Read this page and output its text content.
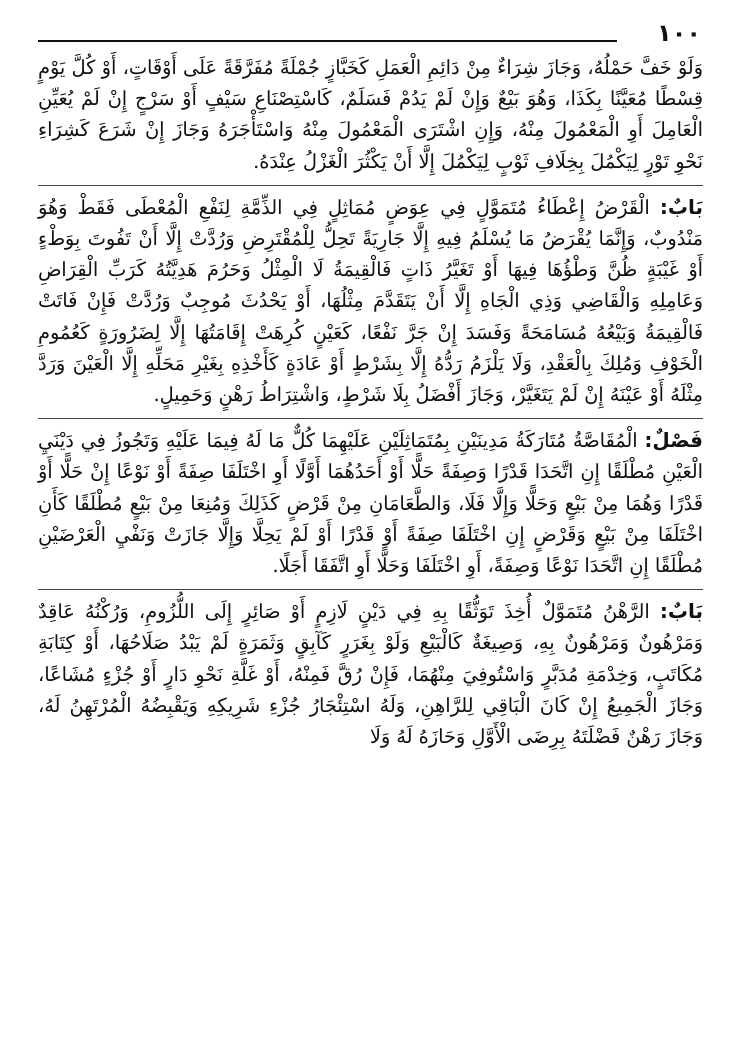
١٠٠

وَلَوْ خَفَّ حَمْلُهُ، وَجَازَ شِرَاءٌ مِنْ دَائِمِ الْعَمَلِ كَخَبَّازٍ جُمْلَةً مُفَرَّقَةً عَلَى أَوْقَاتٍ، أَوْ كُلَّ يَوْمٍ قِسْطًا مُعَيَّنًا بِكَذَا، وَهُوَ بَيْعٌ وَإِنْ لَمْ يَدُمْ فَسَلَمٌ، كَاسْتِصْنَاعِ سَيْفٍ أَوْ سَرْجٍ إِنْ لَمْ يُعَيِّنِ الْعَامِلَ أَوِ الْمَعْمُولَ مِنْهُ، وَإِنِ اشْتَرَى الْمَعْمُولَ مِنْهُ وَاسْتَأْجَرَهُ وَجَازَ إِنْ شَرَعَ كَشِرَاءِ نَحْوِ تَوْرٍ لِيَكْمُلَ بِخِلَافِ ثَوْبٍ لِيَكْمُلَ إِلَّا أَنْ يَكْثُرَ الْغَزْلُ عِنْدَهُ.

بَابٌ: الْقَرْضُ إِعْطَاءُ مُتَمَوَّلٍ فِي عِوَضٍ مُمَاثِلٍ فِي الذِّمَّةِ لِنَفْعِ الْمُعْطَى فَقَطْ وَهُوَ مَنْدُوبٌ، وَإِنَّمَا يُقْرَضُ مَا يُسْلَمُ فِيهِ إِلَّا جَارِيَةً تَحِلُّ لِلْمُقْتَرِضِ وَرُدَّتْ إِلَّا أَنْ تَفُوتَ بِوَطْءٍ أَوْ غَيْبَةٍ ظُنَّ وَطْؤُهَا فِيهَا أَوْ تَغَيَّرُ ذَاتٍ فَالْقِيمَةُ لَا الْمِثْلُ وَحَرُمَ هَدِيَّتُهُ كَرَبِّ الْقِرَاضِ وَعَامِلِهِ وَالْقَاضِي وَذِي الْجَاهِ إِلَّا أَنْ يَتَقَدَّمَ مِثْلُهَا، أَوْ يَحْدُثَ مُوجِبٌ وَرُدَّتْ فَإِنْ فَاتَتْ فَالْقِيمَةُ وَبَيْعُهُ مُسَامَحَةً وَفَسَدَ إِنْ جَرَّ نَفْعًا، كَعَيْنٍ كُرِهَتْ إِقَامَتُهَا إِلَّا لِضَرُورَةٍ كَعُمُومِ الْخَوْفِ وَمُلِكَ بِالْعَقْدِ، وَلَا يَلْزَمُ رَدُّهُ إِلَّا بِشَرْطٍ أَوْ عَادَةٍ كَأَخْذِهِ بِغَيْرِ مَحَلِّهِ إِلَّا الْعَيْنَ وَرَدَّ مِثْلَهُ أَوْ عَيْنَهُ إِنْ لَمْ يَتَغَيَّرْ، وَجَازَ أَفْضَلُ بِلَا شَرْطٍ، وَاشْتِرَاطُ رَهْنٍ وَحَمِيلٍ.

فَصْلٌ: الْمُقَاصَّةُ مُتَارَكَةُ مَدِينَيْنِ بِمُتَمَاثِلَيْنِ عَلَيْهِمَا كُلٌّ مَا لَهُ فِيمَا عَلَيْهِ وَتَجُوزُ فِي دَيْنَيِ الْعَيْنِ مُطْلَقًا إِنِ اتَّحَدَا قَدْرًا وَصِفَةً حَلًّا أَوْ أَحَدُهُمَا أَوَّلًا أَوِ اخْتَلَفَا صِفَةً أَوْ نَوْعًا إِنْ حَلًّا أَوْ قَدْرًا وَهُمَا مِنْ بَيْعٍ وَحَلًّا وَإِلَّا فَلَا، وَالطَّعَامَانِ مِنْ قَرْضٍ كَذَلِكَ وَمُنِعَا مِنْ بَيْعٍ مُطْلَقًا كَأَنِ اخْتَلَفَا مِنْ بَيْعٍ وَقَرْضٍ إِنِ اخْتَلَفَا صِفَةً أَوْ قَدْرًا أَوْ لَمْ يَحِلَّا وَإِلَّا جَازَتْ وَنَفْيِ الْعَرْضَيْنِ مُطْلَقًا إِنِ اتَّحَدَا نَوْعًا وَصِفَةً، أَوِ اخْتَلَفَا وَحَلًّا أَوِ اتَّفَقَا أَجَلًا.

بَابٌ: الرَّهْنُ مُتَمَوَّلٌ أُخِذَ تَوَثُّقًا بِهِ فِي دَيْنٍ لَازِمٍ أَوْ صَائِرٍ إِلَى اللُّزُومِ، وَرُكْنُهُ عَاقِدٌ وَمَرْهُونٌ وَمَرْهُونٌ بِهِ، وَصِيغَةٌ كَالْبَيْعِ وَلَوْ بِغَرَرٍ كَآبِقٍ وَثَمَرَةٍ لَمْ يَبْدُ صَلَاحُهَا، أَوْ كِتَابَةِ مُكَاتَبٍ، وَخِدْمَةِ مُدَبَّرٍ وَاسْتُوفِيَ مِنْهُمَا، فَإِنْ رُقَّ فَمِنْهُ، أَوْ غَلَّةِ نَحْوِ دَارٍ أَوْ جُزْءٍ مُشَاعًا، وَجَازَ الْجَمِيعُ إِنْ كَانَ الْبَاقِي لِلرَّاهِنِ، وَلَهُ اسْتِئْجَارُ جُزْءِ شَرِيكِهِ وَيَقْبِضُهُ الْمُرْتَهِنُ لَهُ، وَجَازَ رَهْنٌ فَضْلَتَهُ بِرِضَى الْأَوَّلِ وَحَازَهُ لَهُ وَلَا
